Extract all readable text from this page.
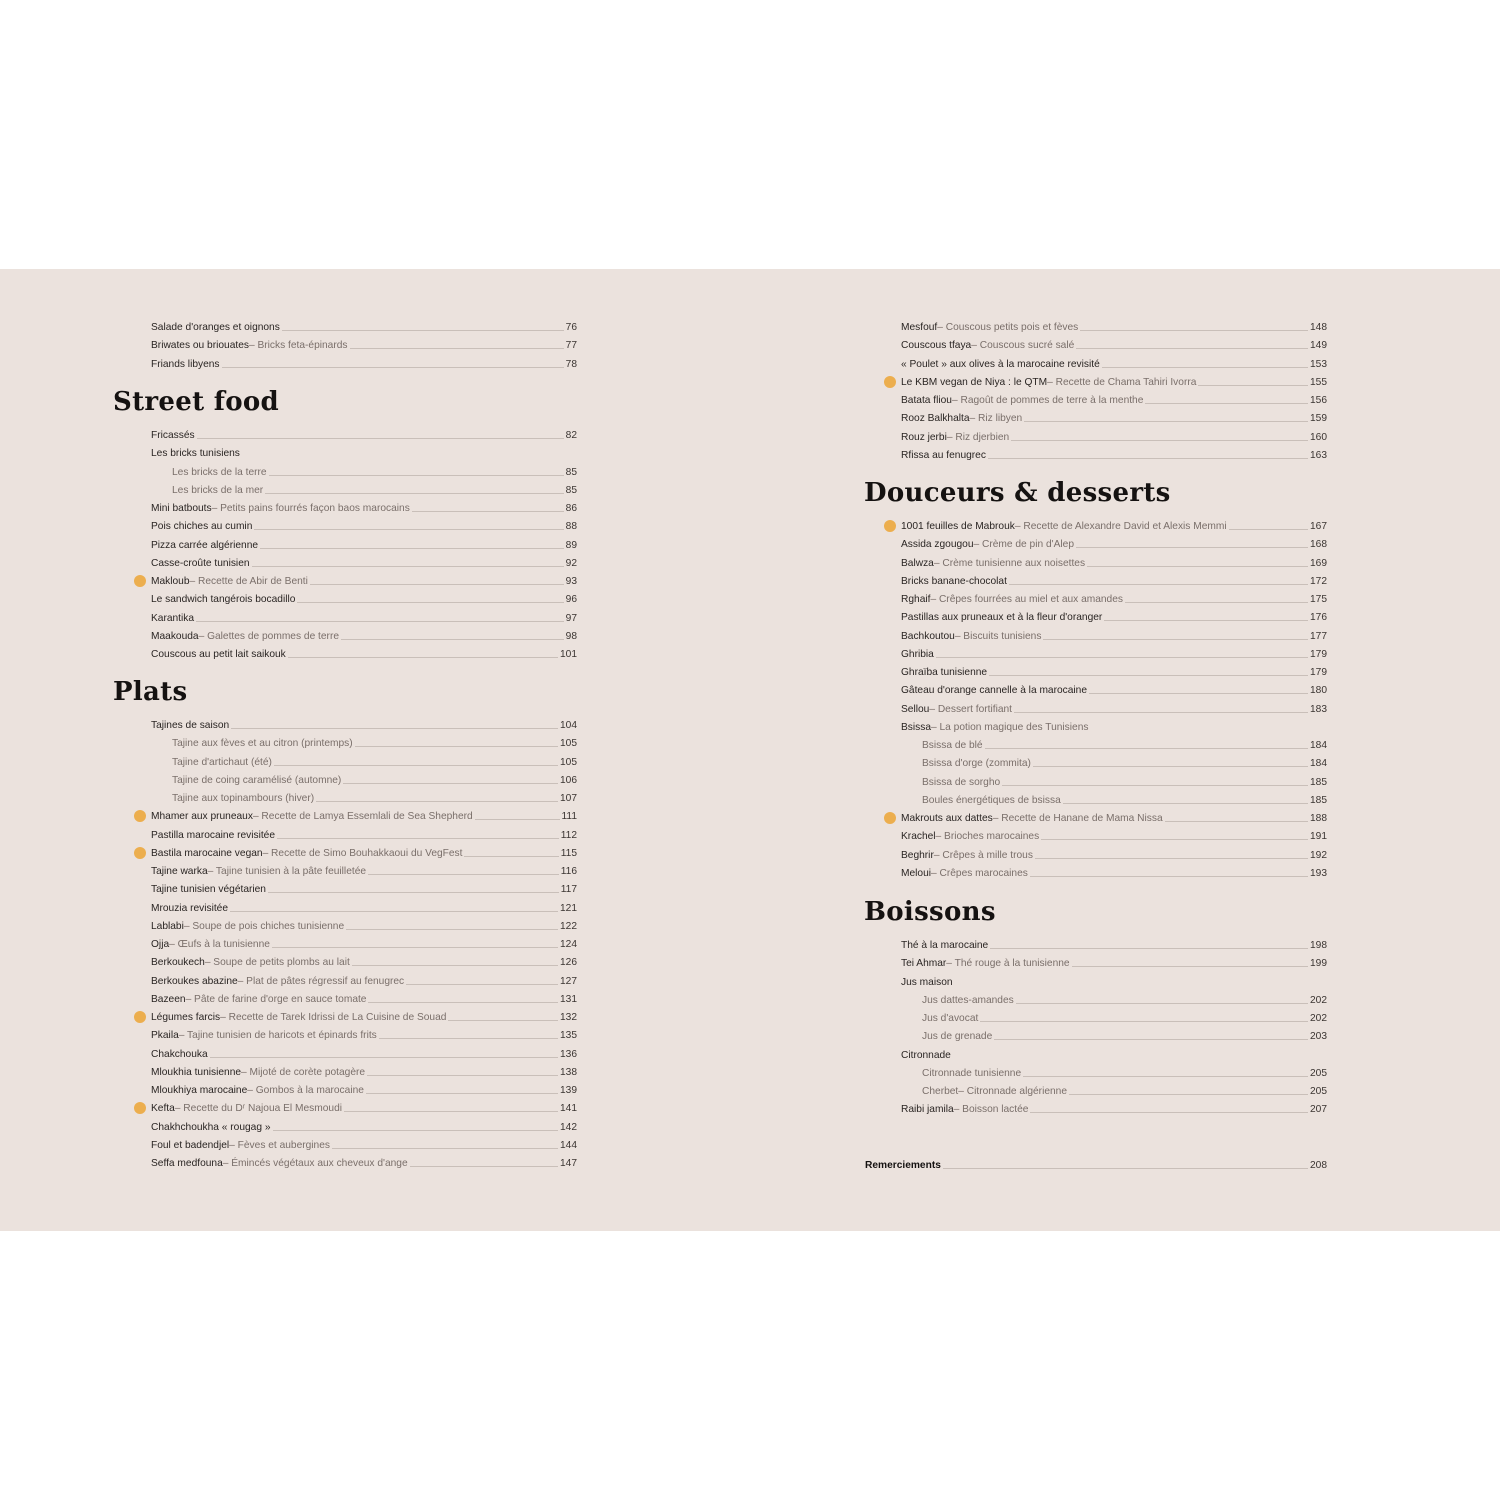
Salade d'oranges et oignons	76
Briwates ou briouates – Bricks feta-épinards	77
Friands libyens	78
Street food
Fricassés	82
Les bricks tunisiens
Les bricks de la terre	85
Les bricks de la mer	85
Mini batbouts – Petits pains fourrés façon baos marocains	86
Pois chiches au cumin	88
Pizza carrée algérienne	89
Casse-croûte tunisien	92
Makloub – Recette de Abir de Benti	93
Le sandwich tangérois bocadillo	96
Karantika	97
Maakouda – Galettes de pommes de terre	98
Couscous au petit lait saikouk	101
Plats
Tajines de saison	104
Tajine aux fèves et au citron (printemps)	105
Tajine d'artichaut (été)	105
Tajine de coing caramélisé (automne)	106
Tajine aux topinambours (hiver)	107
Mhamer aux pruneaux – Recette de Lamya Essemlali de Sea Shepherd	111
Pastilla marocaine revisitée	112
Bastila marocaine vegan – Recette de Simo Bouhakkaoui du VegFest	115
Tajine warka – Tajine tunisien à la pâte feuilletée	116
Tajine tunisien végétarien	117
Mrouzia revisitée	121
Lablabi – Soupe de pois chiches tunisienne	122
Ojja – Œufs à la tunisienne	124
Berkoukech – Soupe de petits plombs au lait	126
Berkoukes abazine – Plat de pâtes régressif au fenugrec	127
Bazeen – Pâte de farine d'orge en sauce tomate	131
Légumes farcis – Recette de Tarek Idrissi de La Cuisine de Souad	132
Pkaila – Tajine tunisien de haricots et épinards frits	135
Chakchouka	136
Mloukhia tunisienne – Mijoté de corète potagère	138
Mloukhiya marocaine – Gombos à la marocaine	139
Kefta – Recette du Dʳ Najoua El Mesmoudi	141
Chakhchoukha « rougag »	142
Foul et badendjel – Fèves et aubergines	144
Seffa medfouna – Émincés végétaux aux cheveux d'ange	147
Mesfouf – Couscous petits pois et fèves	148
Couscous tfaya – Couscous sucré salé	149
« Poulet » aux olives à la marocaine revisité	153
Le KBM vegan de Niya : le QTM – Recette de Chama Tahiri Ivorra	155
Batata fliou – Ragoût de pommes de terre à la menthe	156
Rooz Balkhalta – Riz libyen	159
Rouz jerbi – Riz djerbien	160
Rfissa au fenugrec	163
Douceurs & desserts
1001 feuilles de Mabrouk – Recette de Alexandre David et Alexis Memmi	167
Assida zgougou – Crème de pin d'Alep	168
Balwza – Crème tunisienne aux noisettes	169
Bricks banane-chocolat	172
Rghaif – Crêpes fourrées au miel et aux amandes	175
Pastillas aux pruneaux et à la fleur d'oranger	176
Bachkoutou – Biscuits tunisiens	177
Ghribia	179
Ghraïba tunisienne	179
Gâteau d'orange cannelle à la marocaine	180
Sellou – Dessert fortifiant	183
Bsissa – La potion magique des Tunisiens
Bsissa de blé	184
Bsissa d'orge (zommita)	184
Bsissa de sorgho	185
Boules énergétiques de bsissa	185
Makrouts aux dattes – Recette de Hanane de Mama Nissa	188
Krachel – Brioches marocaines	191
Beghrir – Crêpes à mille trous	192
Meloui – Crêpes marocaines	193
Boissons
Thé à la marocaine	198
Tei Ahmar – Thé rouge à la tunisienne	199
Jus maison
Jus dattes-amandes	202
Jus d'avocat	202
Jus de grenade	203
Citronnade
Citronnade tunisienne	205
Cherbet – Citronnade algérienne	205
Raibi jamila – Boisson lactée	207
Remerciements	208
